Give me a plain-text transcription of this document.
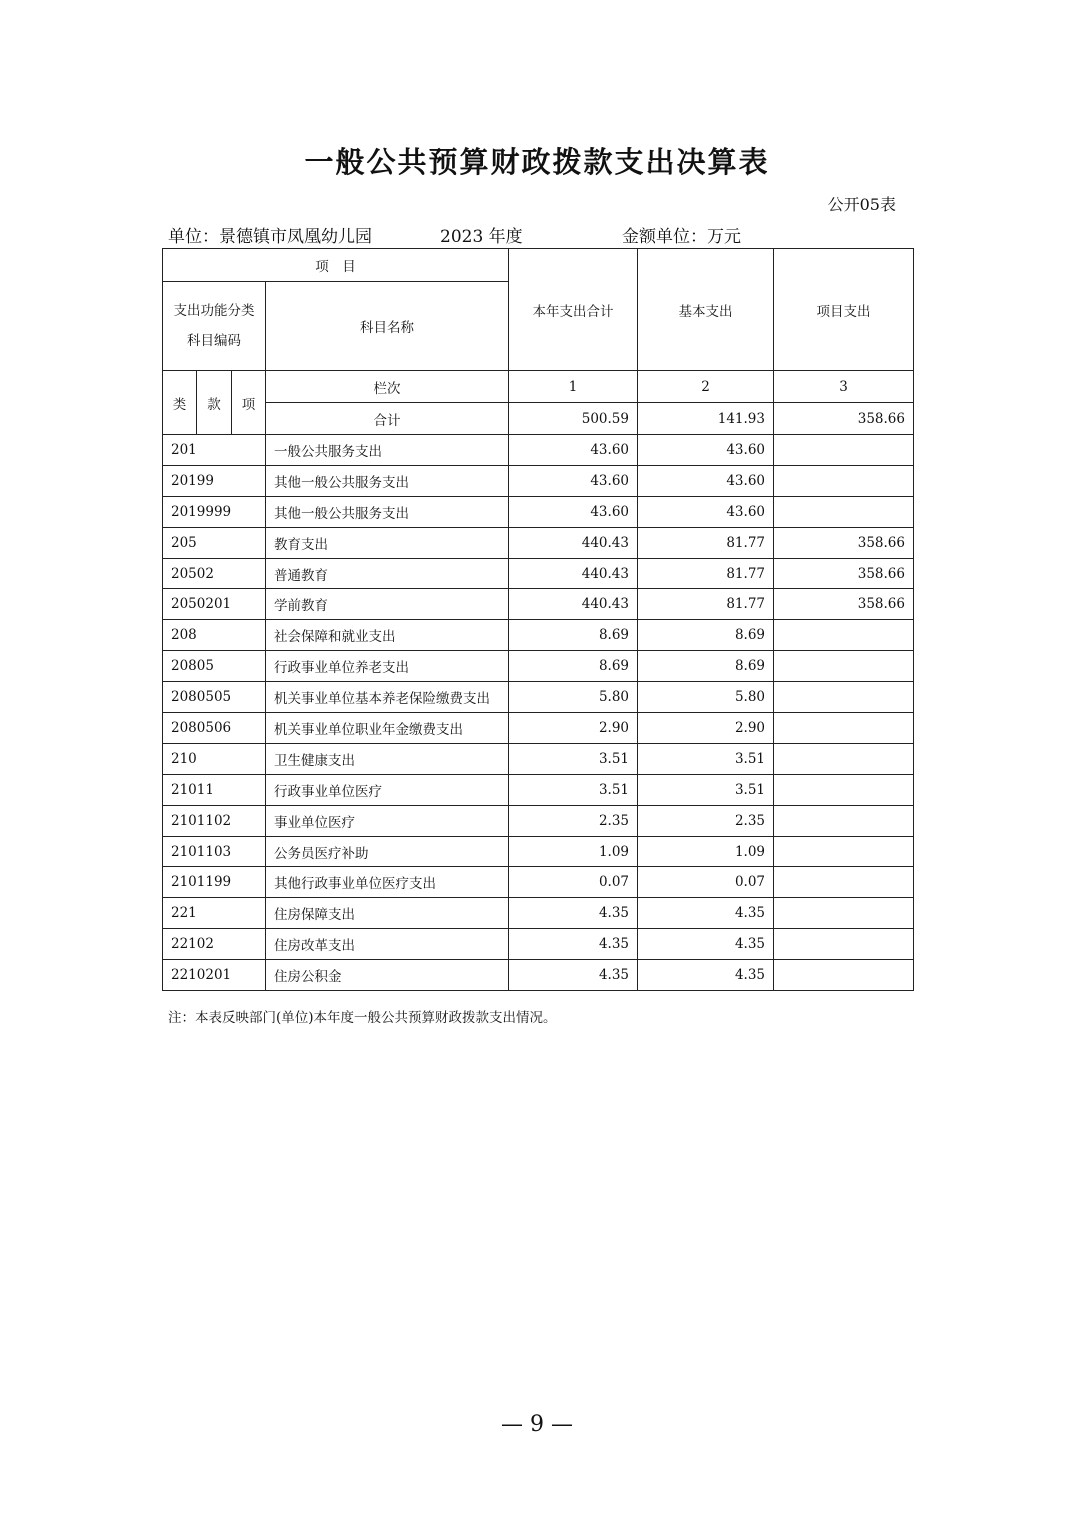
一般公共预算财政拨款支出决算表
公开05表
单位：景德镇市凤凰幼儿园	2023 年度	金额单位：万元
项　目				本年支出合计	基本支出	项目支出
支出功能分类科目编码			科目名称			
类	款	项	栏次	1	2	3
			合计	500.59	141.93	358.66
201			一般公共服务支出	43.60	43.60	
20199			其他一般公共服务支出	43.60	43.60	
2019999			其他一般公共服务支出	43.60	43.60	
205			教育支出	440.43	81.77	358.66
20502			普通教育	440.43	81.77	358.66
2050201			学前教育	440.43	81.77	358.66
208			社会保障和就业支出	8.69	8.69	
20805			行政事业单位养老支出	8.69	8.69	
2080505			机关事业单位基本养老保险缴费支出	5.80	5.80	
2080506			机关事业单位职业年金缴费支出	2.90	2.90	
210			卫生健康支出	3.51	3.51	
21011			行政事业单位医疗	3.51	3.51	
2101102			事业单位医疗	2.35	2.35	
2101103			公务员医疗补助	1.09	1.09	
2101199			其他行政事业单位医疗支出	0.07	0.07	
221			住房保障支出	4.35	4.35	
22102			住房改革支出	4.35	4.35	
2210201			住房公积金	4.35	4.35	
注：本表反映部门(单位)本年度一般公共预算财政拨款支出情况。
— 9 —
